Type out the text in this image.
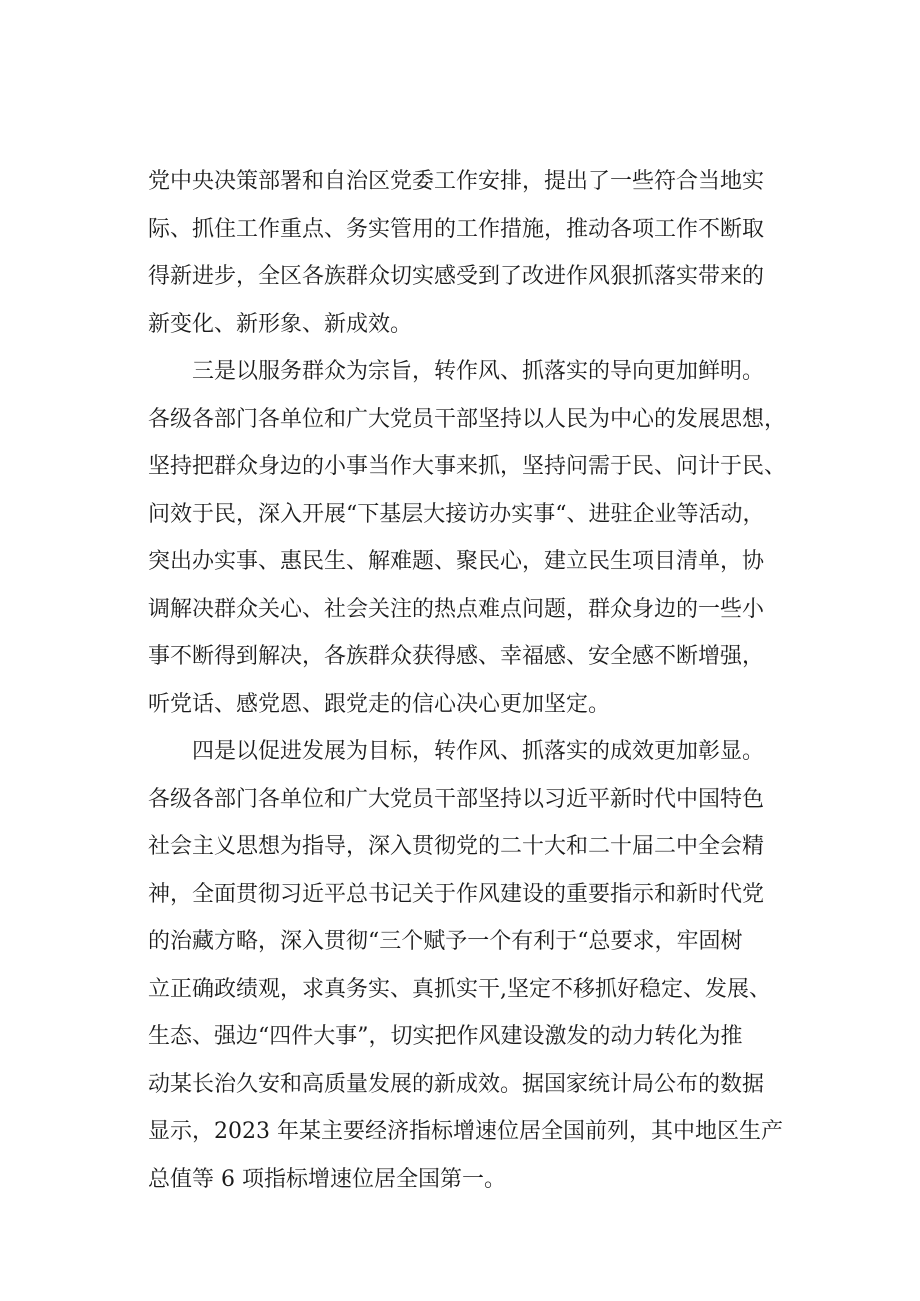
党中央决策部署和自治区党委工作安排，提出了一些符合当地实
际、抓住工作重点、务实管用的工作措施，推动各项工作不断取
得新进步，全区各族群众切实感受到了改进作风狠抓落实带来的
新变化、新形象、新成效。
三是以服务群众为宗旨，转作风、抓落实的导向更加鲜明。
各级各部门各单位和广大党员干部坚持以人民为中心的发展思想，
坚持把群众身边的小事当作大事来抓，坚持问需于民、问计于民、
问效于民，深入开展“下基层大接访办实事“、进驻企业等活动，
突出办实事、惠民生、解难题、聚民心，建立民生项目清单，协
调解决群众关心、社会关注的热点难点问题，群众身边的一些小
事不断得到解决，各族群众获得感、幸福感、安全感不断增强，
听党话、感党恩、跟党走的信心决心更加坚定。
四是以促进发展为目标，转作风、抓落实的成效更加彰显。
各级各部门各单位和广大党员干部坚持以习近平新时代中国特色
社会主义思想为指导，深入贯彻党的二十大和二十届二中全会精
神，全面贯彻习近平总书记关于作风建设的重要指示和新时代党
的治藏方略，深入贯彻“三个赋予一个有利于“总要求，牢固树
立正确政绩观，求真务实、真抓实干,坚定不移抓好稳定、发展、
生态、强边“四件大事”，切实把作风建设激发的动力转化为推
动某长治久安和高质量发展的新成效。据国家统计局公布的数据
显示，2023 年某主要经济指标增速位居全国前列，其中地区生产
总值等 6 项指标增速位居全国第一。
